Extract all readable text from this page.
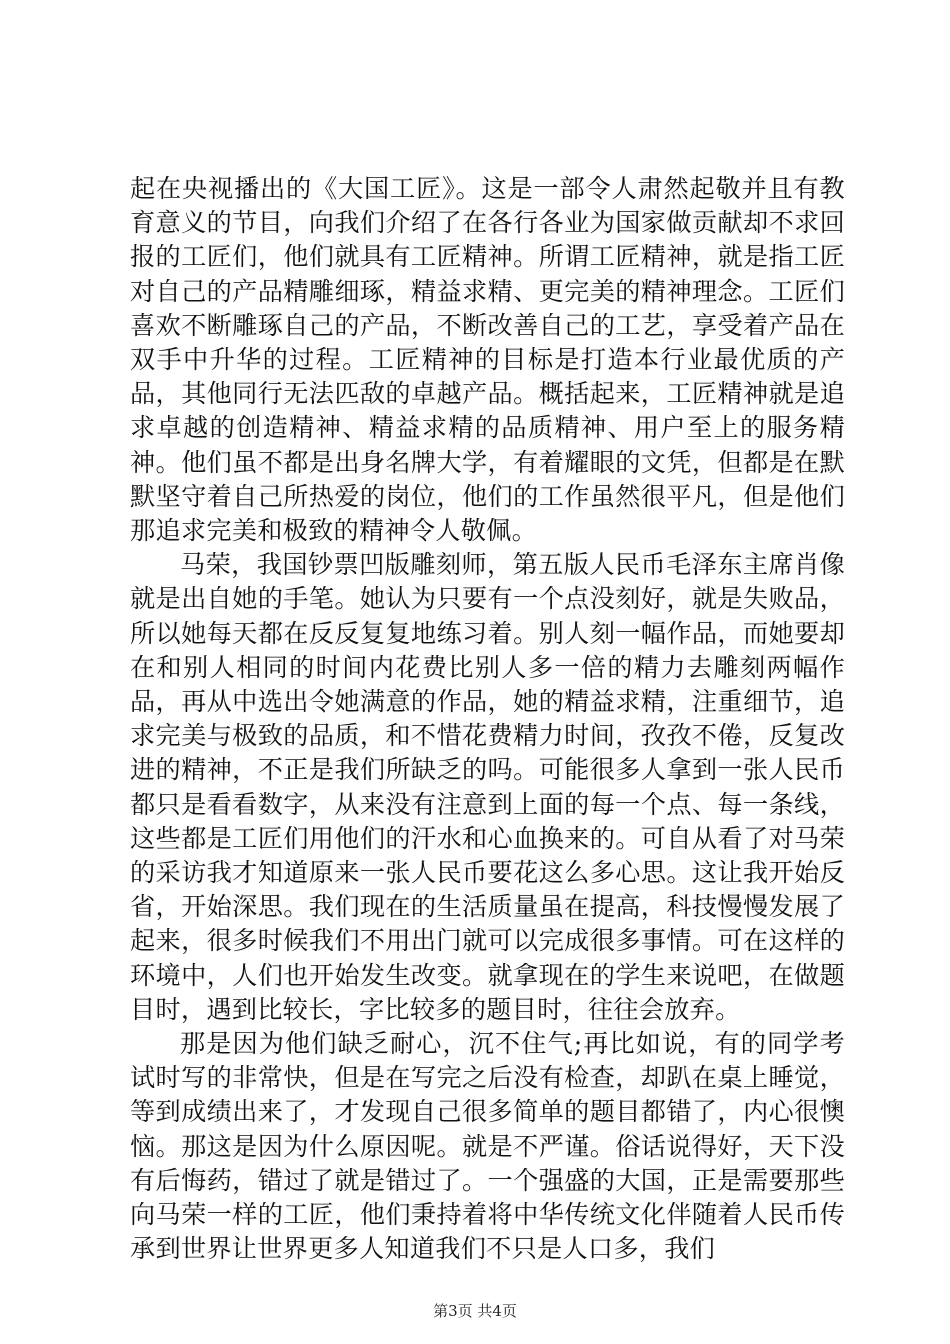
起在央视播出的《大国工匠》。这是一部令人肃然起敬并且有教育意义的节目，向我们介绍了在各行各业为国家做贡献却不求回报的工匠们，他们就具有工匠精神。所谓工匠精神，就是指工匠对自己的产品精雕细琢，精益求精、更完美的精神理念。工匠们喜欢不断雕琢自己的产品，不断改善自己的工艺，享受着产品在双手中升华的过程。工匠精神的目标是打造本行业最优质的产品，其他同行无法匹敌的卓越产品。概括起来，工匠精神就是追求卓越的创造精神、精益求精的品质精神、用户至上的服务精神。他们虽不都是出身名牌大学，有着耀眼的文凭，但都是在默默坚守着自己所热爱的岗位，他们的工作虽然很平凡，但是他们那追求完美和极致的精神令人敬佩。

马荣，我国钞票凹版雕刻师，第五版人民币毛泽东主席肖像就是出自她的手笔。她认为只要有一个点没刻好，就是失败品，所以她每天都在反反复复地练习着。别人刻一幅作品，而她要却在和别人相同的时间内花费比别人多一倍的精力去雕刻两幅作品，再从中选出令她满意的作品，她的精益求精，注重细节，追求完美与极致的品质，和不惜花费精力时间，孜孜不倦，反复改进的精神，不正是我们所缺乏的吗。可能很多人拿到一张人民币都只是看看数字，从来没有注意到上面的每一个点、每一条线，这些都是工匠们用他们的汗水和心血换来的。可自从看了对马荣的采访我才知道原来一张人民币要花这么多心思。这让我开始反省，开始深思。我们现在的生活质量虽在提高，科技慢慢发展了起来，很多时候我们不用出门就可以完成很多事情。可在这样的环境中，人们也开始发生改变。就拿现在的学生来说吧，在做题目时，遇到比较长，字比较多的题目时，往往会放弃。

那是因为他们缺乏耐心，沉不住气;再比如说，有的同学考试时写的非常快，但是在写完之后没有检查，却趴在桌上睡觉，等到成绩出来了，才发现自己很多简单的题目都错了，内心很懊恼。那这是因为什么原因呢。就是不严谨。俗话说得好，天下没有后悔药，错过了就是错过了。一个强盛的大国，正是需要那些向马荣一样的工匠，他们秉持着将中华传统文化伴随着人民币传承到世界让世界更多人知道我们不只是人口多，我们

第3页 共4页
